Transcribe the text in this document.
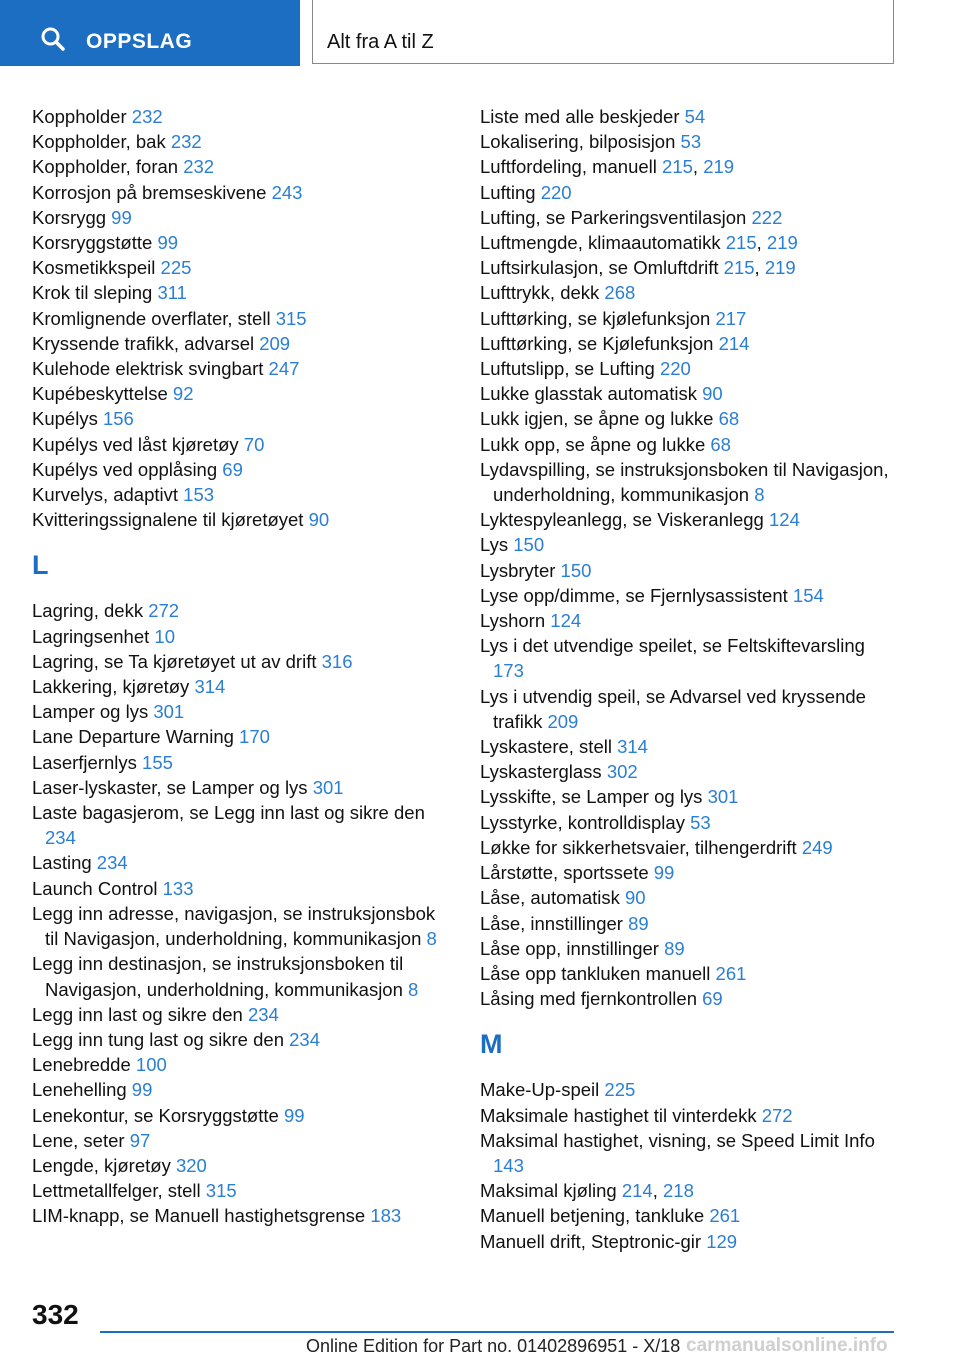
OPPSLAG	Alt fra A til Z
Koppholder 232
Koppholder, bak 232
Koppholder, foran 232
Korrosjon på bremseskivene 243
Korsrygg 99
Korsryggstøtte 99
Kosmetikkspeil 225
Krok til sleping 311
Kromlignende overflater, stell 315
Kryssende trafikk, advarsel 209
Kulehode elektrisk svingbart 247
Kupébeskyttelse 92
Kupélys 156
Kupélys ved låst kjøretøy 70
Kupélys ved opplåsing 69
Kurvelys, adaptivt 153
Kvitteringssignalene til kjøretøyet 90
L
Lagring, dekk 272
Lagringsenhet 10
Lagring, se Ta kjøretøyet ut av drift 316
Lakkering, kjøretøy 314
Lamper og lys 301
Lane Departure Warning 170
Laserfjernlys 155
Laser-lyskaster, se Lamper og lys 301
Laste bagasjerom, se Legg inn last og sikre den 234
Lasting 234
Launch Control 133
Legg inn adresse, navigasjon, se instruksjonsbok til Navigasjon, underholdning, kommunikasjon 8
Legg inn destinasjon, se instruksjonsboken til Navigasjon, underholdning, kommunikasjon 8
Legg inn last og sikre den 234
Legg inn tung last og sikre den 234
Lenebredde 100
Lenehelling 99
Lenekontur, se Korsryggstøtte 99
Lene, seter 97
Lengde, kjøretøy 320
Lettmetallfelger, stell 315
LIM-knapp, se Manuell hastighetsgrense 183
Liste med alle beskjeder 54
Lokalisering, bilposisjon 53
Luftfordeling, manuell 215, 219
Lufting 220
Lufting, se Parkeringsventilasjon 222
Luftmengde, klimaautomatikk 215, 219
Luftsirkulasjon, se Omluftdrift 215, 219
Lufttrykk, dekk 268
Lufttørking, se kjølefunksjon 217
Lufttørking, se Kjølefunksjon 214
Luftutslipp, se Lufting 220
Lukke glasstak automatisk 90
Lukk igjen, se åpne og lukke 68
Lukk opp, se åpne og lukke 68
Lydavspilling, se instruksjonsboken til Navigasjon, underholdning, kommunikasjon 8
Lyktespyleanlegg, se Viskeranlegg 124
Lys 150
Lysbryter 150
Lyse opp/dimme, se Fjernlysassistent 154
Lyshorn 124
Lys i det utvendige speilet, se Feltskiftevarsling 173
Lys i utvendig speil, se Advarsel ved kryssende trafikk 209
Lyskastere, stell 314
Lyskasterglass 302
Lysskifte, se Lamper og lys 301
Lysstyrke, kontrolldisplay 53
Løkke for sikkerhetsvaier, tilhengerdrift 249
Lårstøtte, sportssete 99
Låse, automatisk 90
Låse, innstillinger 89
Låse opp, innstillinger 89
Låse opp tankluken manuell 261
Låsing med fjernkontrollen 69
M
Make-Up-speil 225
Maksimale hastighet til vinterdekk 272
Maksimal hastighet, visning, se Speed Limit Info 143
Maksimal kjøling 214, 218
Manuell betjening, tankluke 261
Manuell drift, Steptronic-gir 129
332
Online Edition for Part no. 01402896951 - X/18 carmanualsonline.info
